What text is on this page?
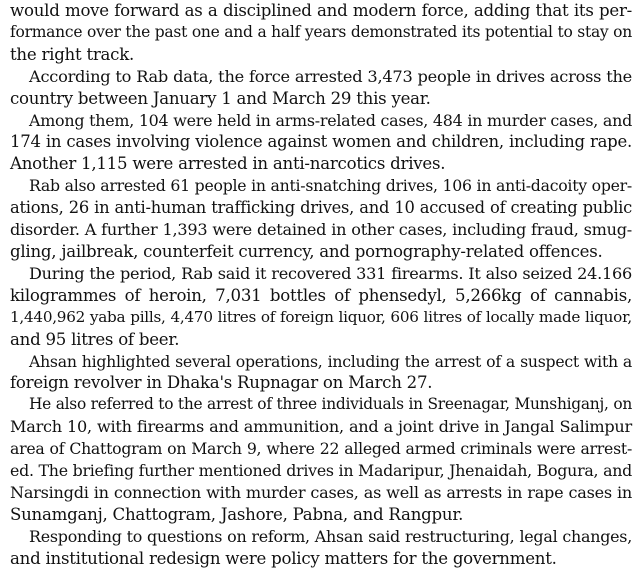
would move forward as a disciplined and modern force, adding that its per-
formance over the past one and a half years demonstrated its potential to stay on
the right track.

According to Rab data, the force arrested 3,473 people in drives across the
country between January 1 and March 29 this year.

Among them, 104 were held in arms-related cases, 484 in murder cases, and
174 in cases involving violence against women and children, including rape.
Another 1,115 were arrested in anti-narcotics drives.

Rab also arrested 61 people in anti-snatching drives, 106 in anti-dacoity oper-
ations, 26 in anti-human trafficking drives, and 10 accused of creating public
disorder. A further 1,393 were detained in other cases, including fraud, smug-
gling, jailbreak, counterfeit currency, and pornography-related offences.

During the period, Rab said it recovered 331 firearms. It also seized 24.166
kilogrammes of heroin, 7,031 bottles of phensedyl, 5,266kg of cannabis,
1,440,962 yaba pills, 4,470 litres of foreign liquor, 606 litres of locally made liquor,
and 95 litres of beer.

Ahsan highlighted several operations, including the arrest of a suspect with a
foreign revolver in Dhaka's Rupnagar on March 27.

He also referred to the arrest of three individuals in Sreenagar, Munshiganj, on
March 10, with firearms and ammunition, and a joint drive in Jangal Salimpur
area of Chattogram on March 9, where 22 alleged armed criminals were arrest-
ed. The briefing further mentioned drives in Madaripur, Jhenaidah, Bogura, and
Narsingdi in connection with murder cases, as well as arrests in rape cases in
Sunamganj, Chattogram, Jashore, Pabna, and Rangpur.

Responding to questions on reform, Ahsan said restructuring, legal changes,
and institutional redesign were policy matters for the government.
